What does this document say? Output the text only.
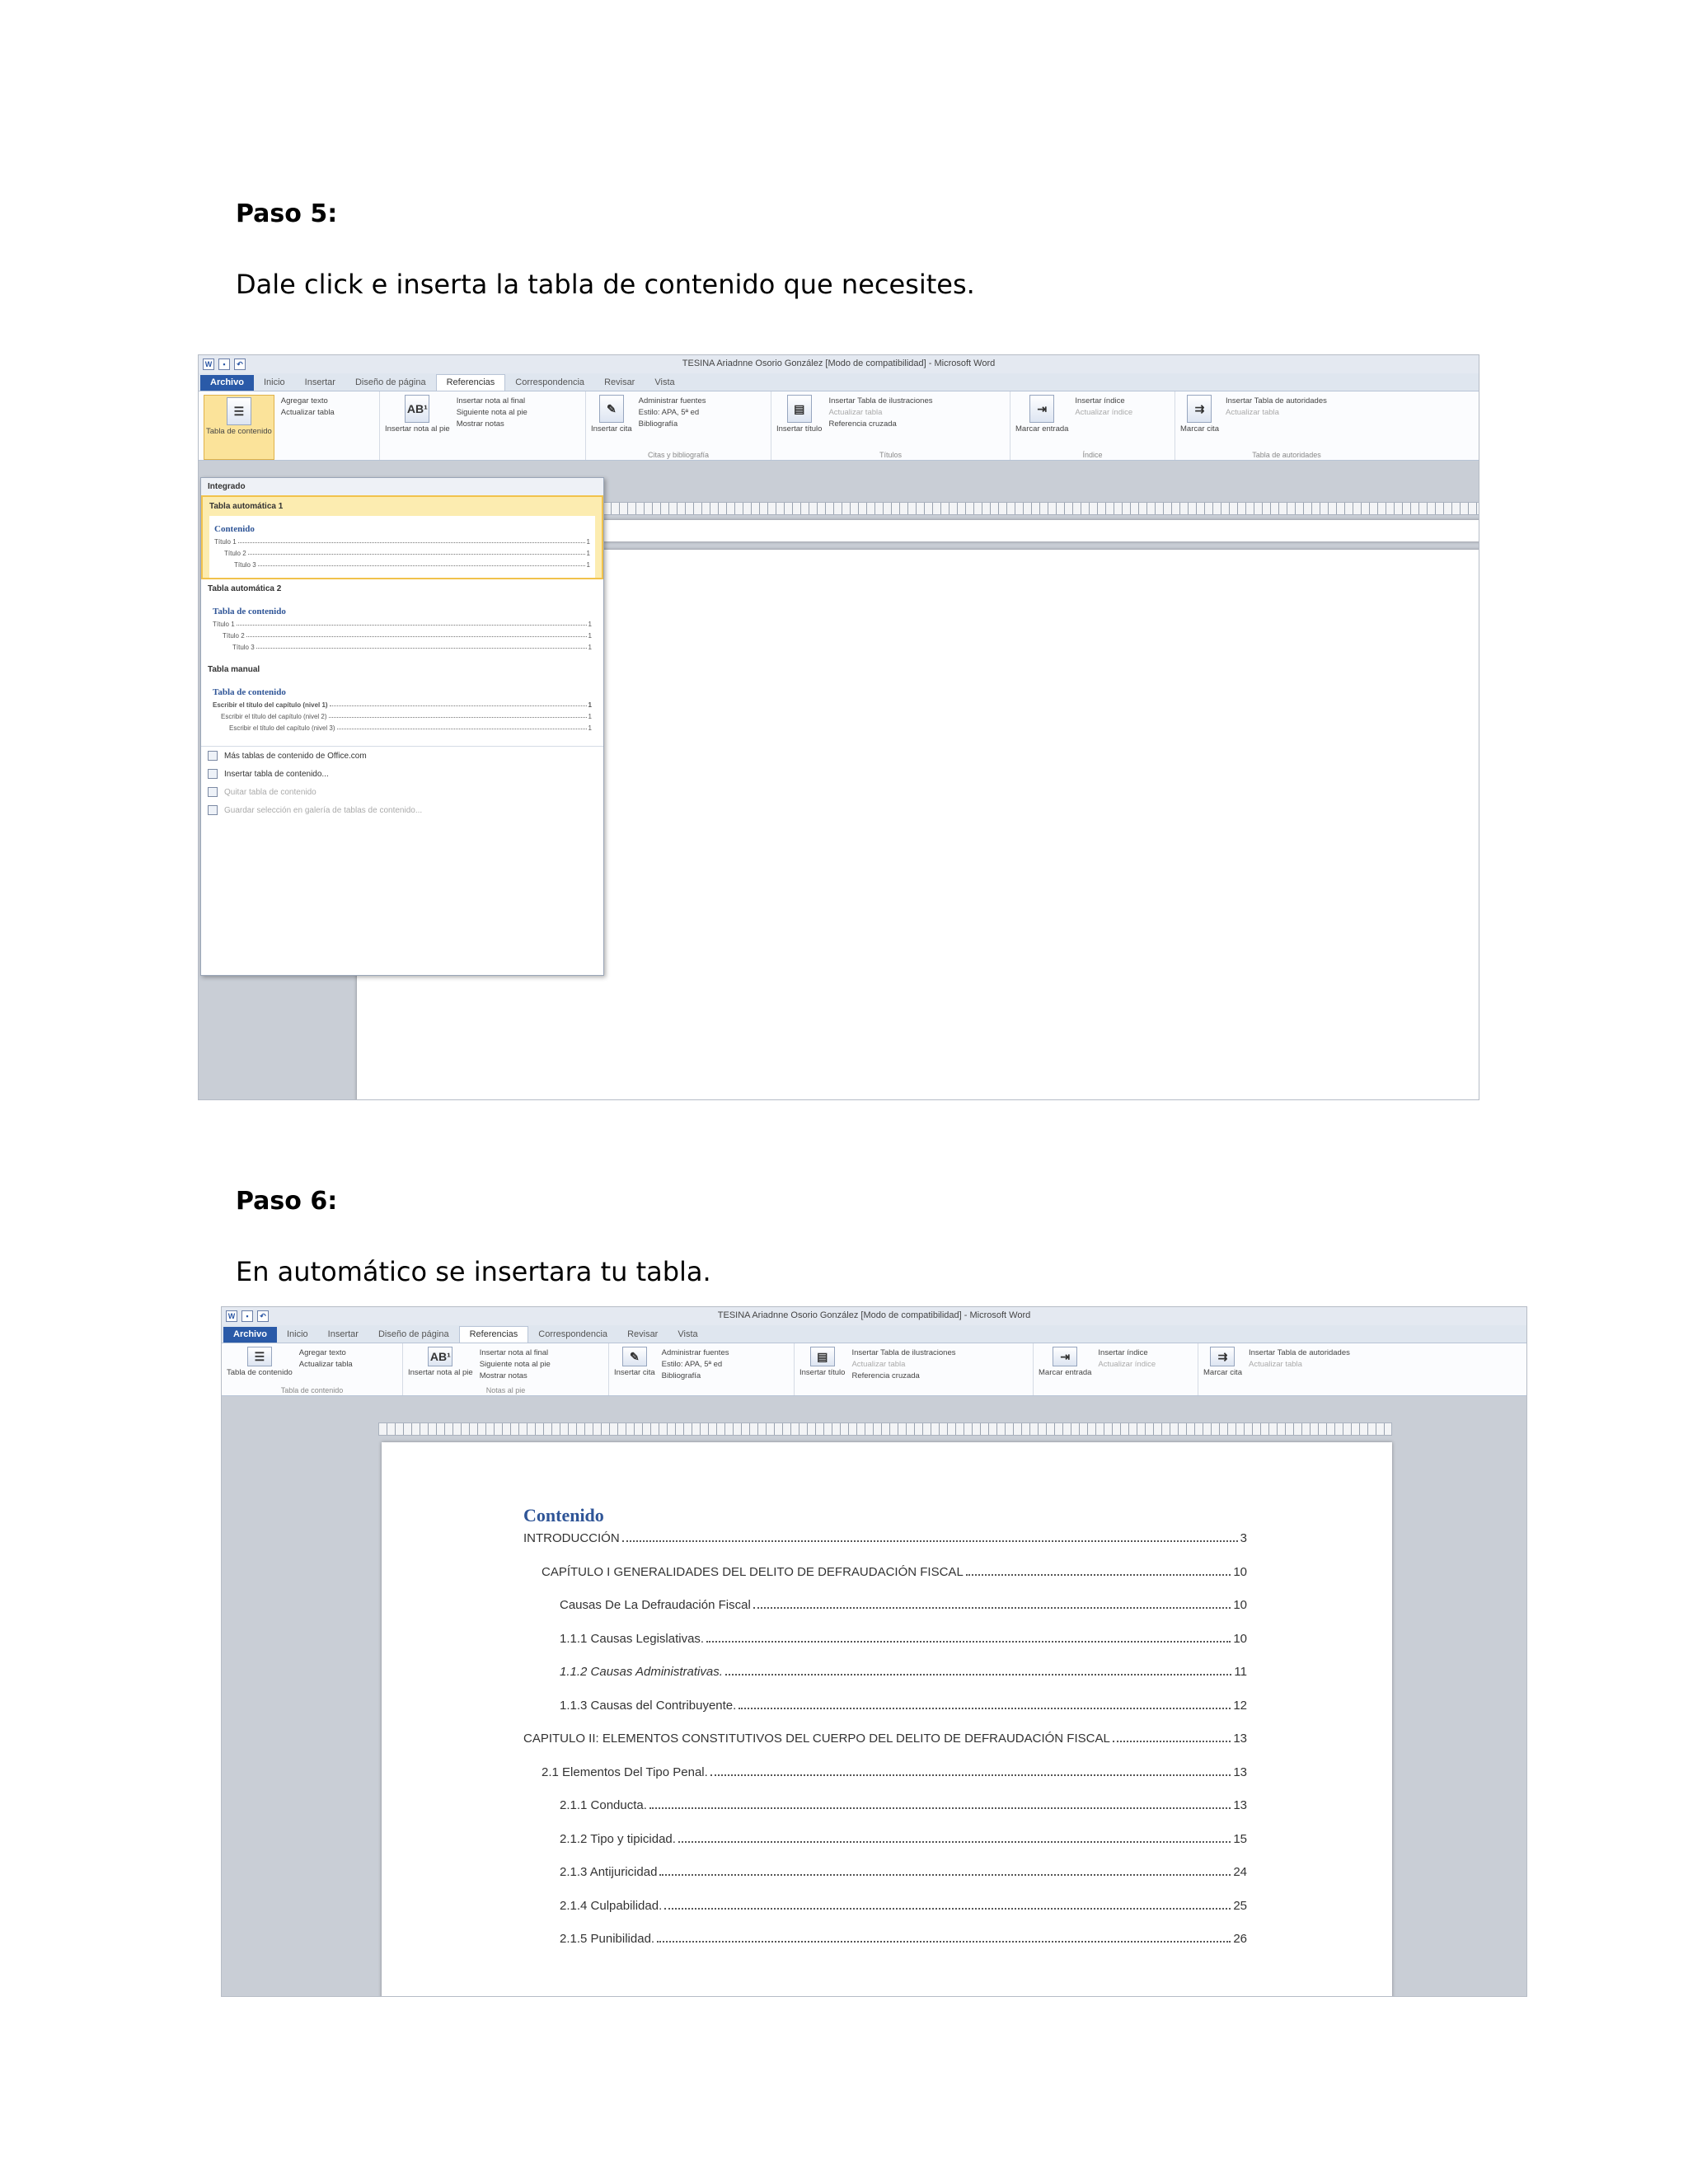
Paso 5:
Dale click e inserta la tabla de contenido que necesites.
W	▪	↶	TESINA Ariadnne Osorio González [Modo de compatibilidad] - Microsoft Word
Archivo	Inicio	Insertar	Diseño de página	Referencias	Correspondencia	Revisar	Vista
☰
Tabla de contenido
Agregar texto
Actualizar tabla	AB¹
Insertar nota al pie
Insertar nota al final
Siguiente nota al pie
Mostrar notas
✎
Insertar cita
Administrar fuentes
Estilo: APA, 5ª ed
Bibliografía
Citas y bibliografía
▤
Insertar título
Insertar Tabla de ilustraciones
Actualizar tabla
Referencia cruzada
Títulos
⇥
Marcar entrada
Insertar índice
Actualizar índice
Índice
⇉
Marcar cita
Insertar Tabla de autoridades
Actualizar tabla
Tabla de autoridades
Integrado
Tabla automática 1
Contenido
Título 1	1
Título 2	1
Título 3	1
Tabla automática 2
Tabla de contenido
Título 1	1
Título 2	1
Título 3	1
Tabla manual
Tabla de contenido
Escribir el título del capítulo (nivel 1)	1
Escribir el título del capítulo (nivel 2)	1
Escribir el título del capítulo (nivel 3)	1
Más tablas de contenido de Office.com
Insertar tabla de contenido...
Quitar tabla de contenido
Guardar selección en galería de tablas de contenido...
Paso 6:
En automático se insertara tu tabla.
W	▪	↶	TESINA Ariadnne Osorio González [Modo de compatibilidad] - Microsoft Word
Archivo	Inicio	Insertar	Diseño de página	Referencias	Correspondencia	Revisar	Vista
☰
Tabla de contenido
Agregar texto
Actualizar tabla
Tabla de contenido
AB¹
Insertar nota al pie
Insertar nota al final
Siguiente nota al pie
Mostrar notas
Notas al pie
✎
Insertar cita
Administrar fuentes
Estilo: APA, 5ª ed
Bibliografía
▤
Insertar título
Insertar Tabla de ilustraciones
Actualizar tabla
Referencia cruzada
⇥
Marcar entrada
Insertar índice
Actualizar índice
⇉
Marcar cita
Insertar Tabla de autoridades
Actualizar tabla
Contenido
INTRODUCCIÓN	3
CAPÍTULO I GENERALIDADES DEL DELITO DE DEFRAUDACIÓN FISCAL	10
Causas De La Defraudación Fiscal	10
1.1.1 Causas Legislativas.	10
1.1.2 Causas Administrativas.	11
1.1.3 Causas del Contribuyente.	12
CAPITULO II: ELEMENTOS CONSTITUTIVOS DEL CUERPO DEL DELITO DE DEFRAUDACIÓN FISCAL	13
2.1 Elementos Del Tipo Penal.	13
2.1.1 Conducta.	13
2.1.2 Tipo y tipicidad.	15
2.1.3 Antijuricidad	24
2.1.4 Culpabilidad.	25
2.1.5 Punibilidad.	26
